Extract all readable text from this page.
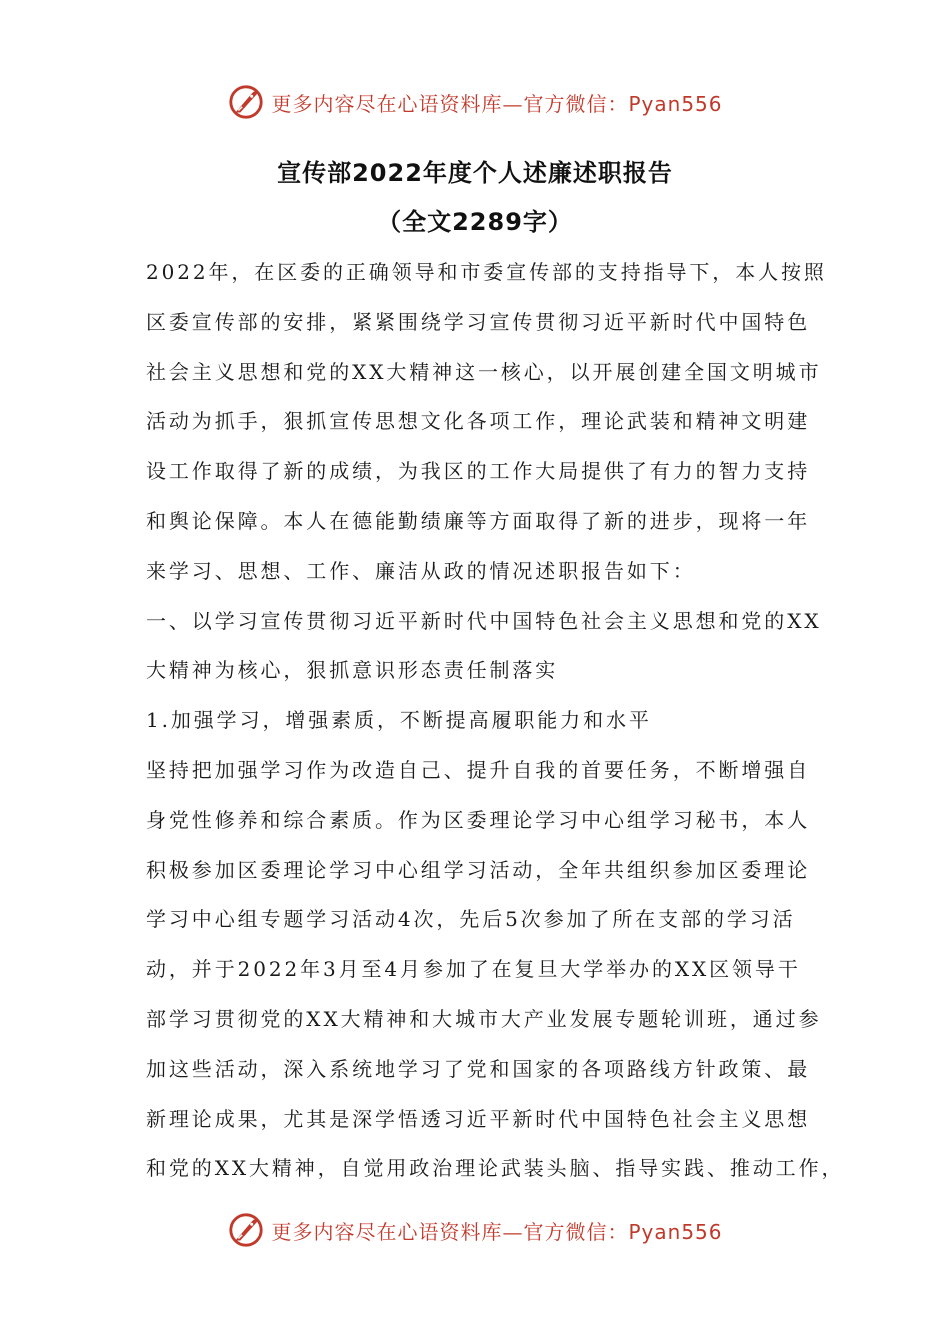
更多内容尽在心语资料库—官方微信：Pyan556
宣传部2022年度个人述廉述职报告
（全文2289字）
2022年，在区委的正确领导和市委宣传部的支持指导下，本人按照
区委宣传部的安排，紧紧围绕学习宣传贯彻习近平新时代中国特色
社会主义思想和党的XX大精神这一核心，以开展创建全国文明城市
活动为抓手，狠抓宣传思想文化各项工作，理论武装和精神文明建
设工作取得了新的成绩，为我区的工作大局提供了有力的智力支持
和舆论保障。本人在德能勤绩廉等方面取得了新的进步，现将一年
来学习、思想、工作、廉洁从政的情况述职报告如下：
一、以学习宣传贯彻习近平新时代中国特色社会主义思想和党的XX
大精神为核心，狠抓意识形态责任制落实
1.加强学习，增强素质，不断提高履职能力和水平
坚持把加强学习作为改造自己、提升自我的首要任务，不断增强自
身党性修养和综合素质。作为区委理论学习中心组学习秘书，本人
积极参加区委理论学习中心组学习活动，全年共组织参加区委理论
学习中心组专题学习活动4次，先后5次参加了所在支部的学习活
动，并于2022年3月至4月参加了在复旦大学举办的XX区领导干
部学习贯彻党的XX大精神和大城市大产业发展专题轮训班，通过参
加这些活动，深入系统地学习了党和国家的各项路线方针政策、最
新理论成果，尤其是深学悟透习近平新时代中国特色社会主义思想
和党的XX大精神，自觉用政治理论武装头脑、指导实践、推动工作，
更多内容尽在心语资料库—官方微信：Pyan556
